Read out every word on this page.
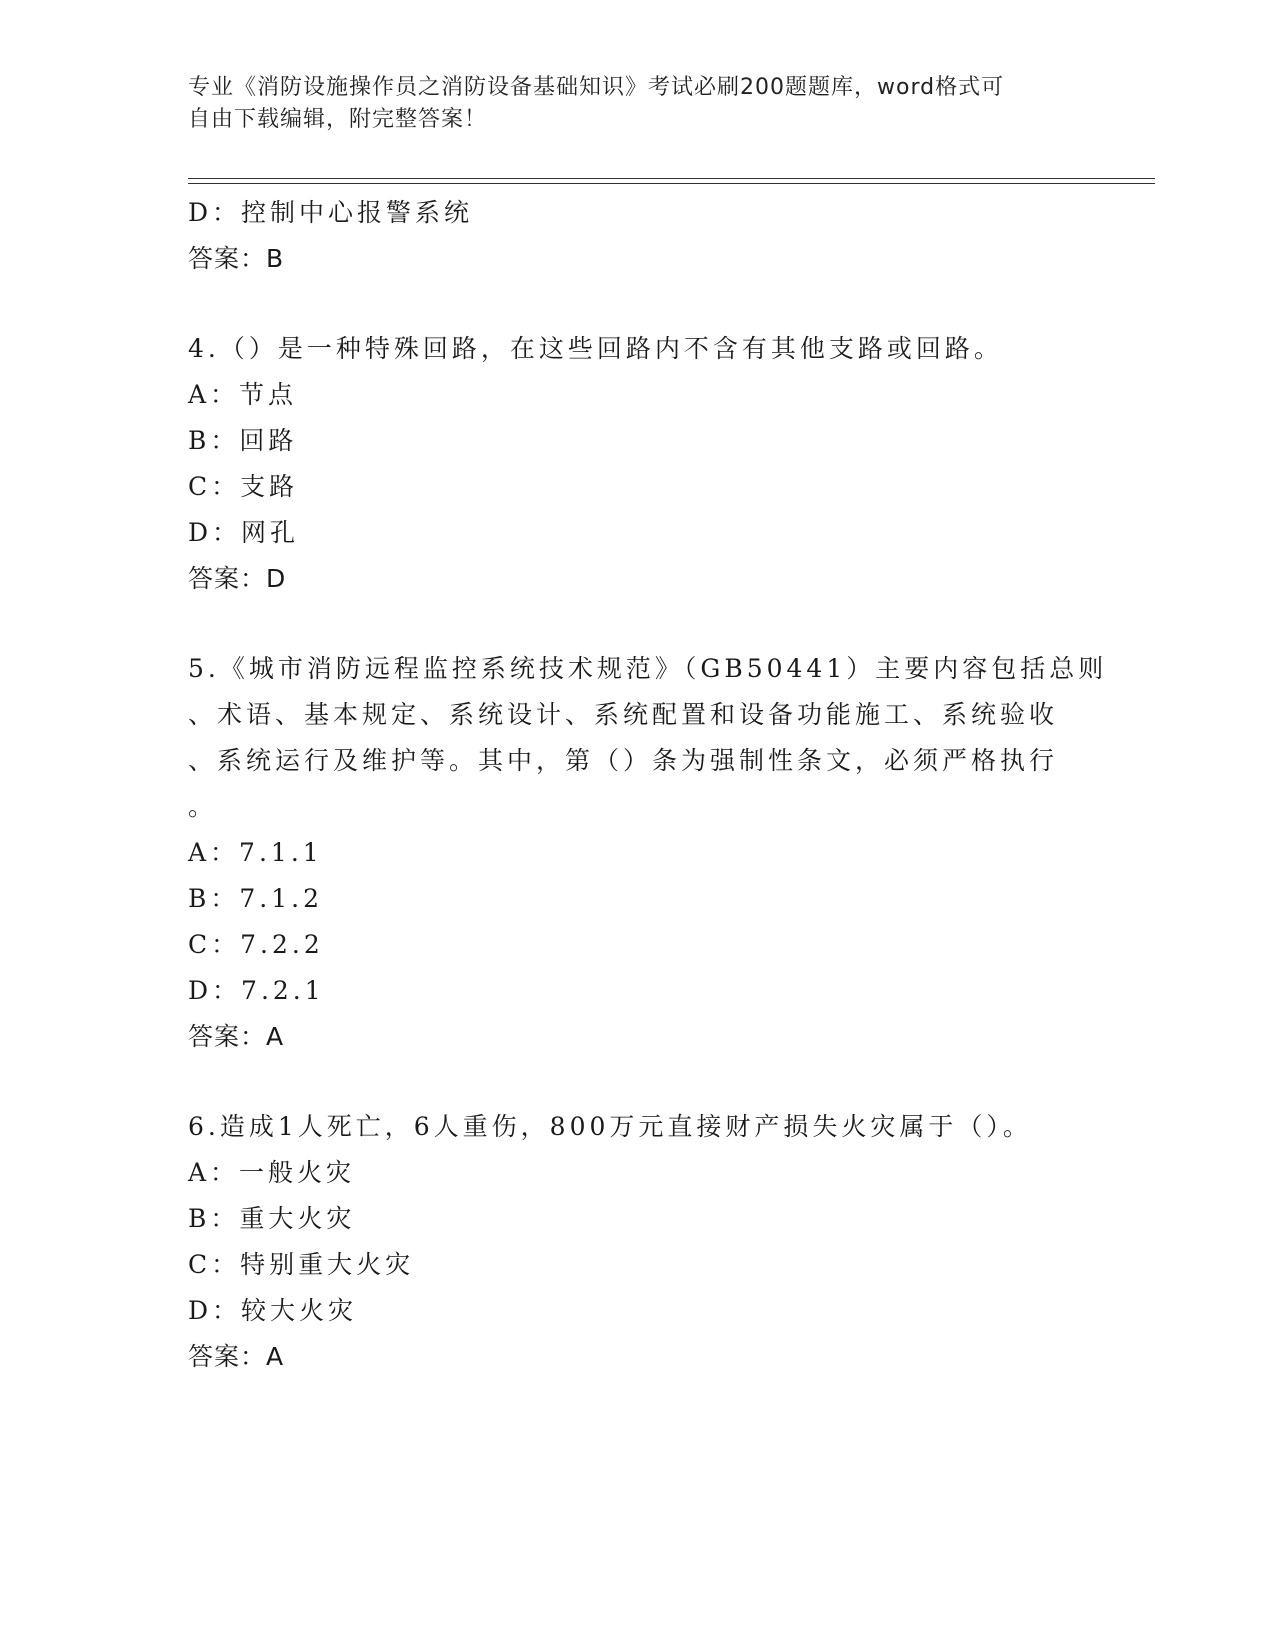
专业《消防设施操作员之消防设备基础知识》考试必刷200题题库，word格式可
自由下载编辑，附完整答案！
D：控制中心报警系统
答案：B
4.（）是一种特殊回路，在这些回路内不含有其他支路或回路。
A：节点
B：回路
C：支路
D：网孔
答案：D
5.《城市消防远程监控系统技术规范》（GB50441）主要内容包括总则
、术语、基本规定、系统设计、系统配置和设备功能施工、系统验收
、系统运行及维护等。其中，第（）条为强制性条文，必须严格执行
。
A：7.1.1
B：7.1.2
C：7.2.2
D：7.2.1
答案：A
6.造成1人死亡，6人重伤，800万元直接财产损失火灾属于（）。
A：一般火灾
B：重大火灾
C：特别重大火灾
D：较大火灾
答案：A
